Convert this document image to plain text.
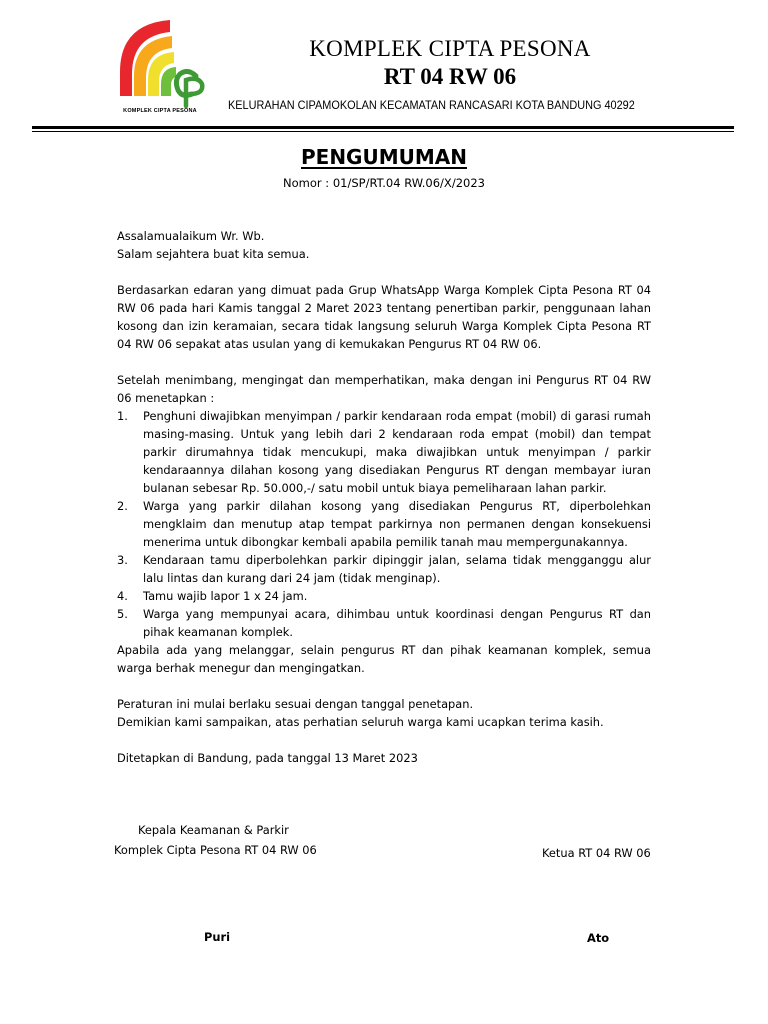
KOMPLEK CIPTA PESONA
KOMPLEK CIPTA PESONA
RT 04 RW 06
KELURAHAN CIPAMOKOLAN KECAMATAN RANCASARI KOTA BANDUNG 40292
PENGUMUMAN
Nomor : 01/SP/RT.04 RW.06/X/2023

Assalamualaikum Wr. Wb.

Salam sejahtera buat kita semua.

Berdasarkan edaran yang dimuat pada Grup WhatsApp Warga Komplek Cipta Pesona RT 04 RW 06 pada hari Kamis tanggal 2 Maret 2023 tentang penertiban parkir, penggunaan lahan kosong dan izin keramaian, secara tidak langsung seluruh Warga Komplek Cipta Pesona RT 04 RW 06 sepakat atas usulan yang di kemukakan Pengurus RT 04 RW 06.

Setelah menimbang, mengingat dan memperhatikan, maka dengan ini Pengurus RT 04 RW 06 menetapkan :

1.	Penghuni diwajibkan menyimpan / parkir kendaraan roda empat (mobil) di garasi rumah masing-masing. Untuk yang lebih dari 2 kendaraan roda empat (mobil) dan tempat parkir dirumahnya tidak mencukupi, maka diwajibkan untuk menyimpan / parkir kendaraannya dilahan kosong yang disediakan Pengurus RT dengan membayar iuran bulanan sebesar Rp. 50.000,-/ satu mobil untuk biaya pemeliharaan lahan parkir.
2.	Warga yang parkir dilahan kosong yang disediakan Pengurus RT, diperbolehkan mengklaim dan menutup atap tempat parkirnya non permanen dengan konsekuensi menerima untuk dibongkar kembali apabila pemilik tanah mau mempergunakannya.
3.	Kendaraan tamu diperbolehkan parkir dipinggir jalan, selama tidak mengganggu alur lalu lintas dan kurang dari 24 jam (tidak menginap).
4.	Tamu wajib lapor 1 x 24 jam.
5.	Warga yang mempunyai acara, dihimbau untuk koordinasi dengan Pengurus RT dan pihak keamanan komplek.

Apabila ada yang melanggar, selain pengurus RT dan pihak keamanan komplek, semua warga berhak menegur dan mengingatkan.

Peraturan ini mulai berlaku sesuai dengan tanggal penetapan.

Demikian kami sampaikan, atas perhatian seluruh warga kami ucapkan terima kasih.

Ditetapkan di Bandung, pada tanggal 13 Maret 2023

Kepala Keamanan & Parkir
Komplek Cipta Pesona RT 04 RW 06	Ketua RT 04 RW 06
Puri	Ato
